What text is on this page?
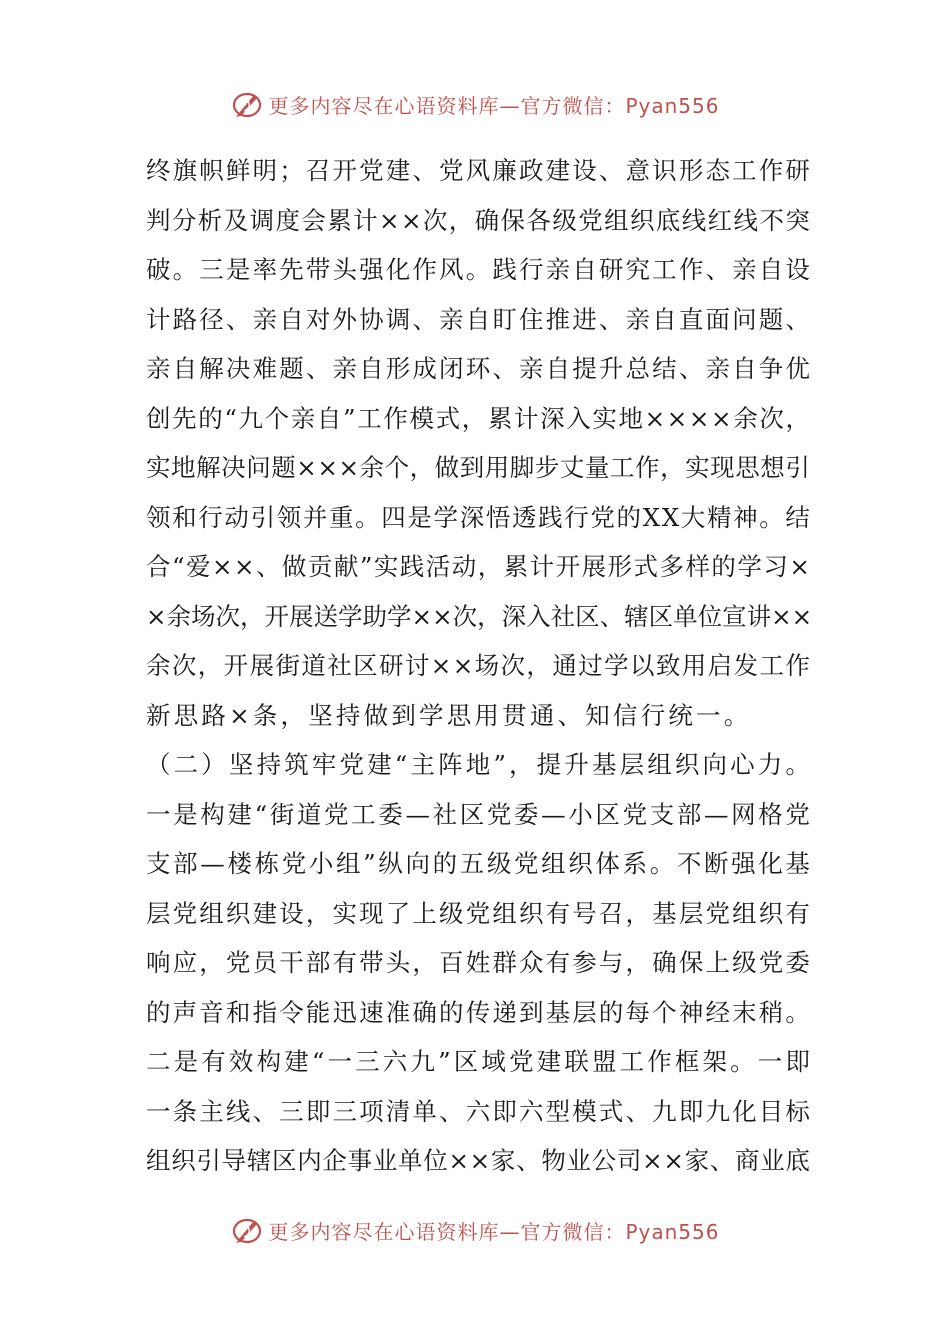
更多内容尽在心语资料库—官方微信：Pyan556
终 旗 帜 鲜 明 ； 召 开 党 建 、 党 风 廉 政 建 设 、 意 识 形 态 工 作 研
判 分 析 及 调 度 会 累 计 × × 次 ， 确 保 各 级 党 组 织 底 线 红 线 不 突
破 。 三 是 率 先 带 头 强 化 作 风 。 践 行 亲 自 研 究 工 作 、 亲 自 设
计 路 径 、 亲 自 对 外 协 调 、 亲 自 盯 住 推 进 、 亲 自 直 面 问 题 、
亲 自 解 决 难 题 、 亲 自 形 成 闭 环 、 亲 自 提 升 总 结 、 亲 自 争 优
创 先 的 “ 九 个 亲 自 ” 工 作 模 式 ， 累 计 深 入 实 地 × × × × 余 次 ，
实 地 解 决 问 题 × × × 余 个 ， 做 到 用 脚 步 丈 量 工 作 ， 实 现 思 想 引
领 和 行 动 引 领 并 重 。 四 是 学 深 悟 透 践 行 党 的 X X 大 精 神 。 结
合 “ 爱 × × 、 做 贡 献 ” 实 践 活 动 ， 累 计 开 展 形 式 多 样 的 学 习 ×
× 余 场 次 ， 开 展 送 学 助 学 × × 次 ， 深 入 社 区 、 辖 区 单 位 宣 讲 × ×
余 次 ， 开 展 街 道 社 区 研 讨 × × 场 次 ， 通 过 学 以 致 用 启 发 工 作
新思路×条，坚持做到学思用贯通、知信行统一。
（ 二 ） 坚 持 筑 牢 党 建 “ 主 阵 地 ” ， 提 升 基 层 组 织 向 心 力 。
一 是 构 建 “ 街 道 党 工 委 — 社 区 党 委 — 小 区 党 支 部 — 网 格 党
支 部 — 楼 栋 党 小 组 ” 纵 向 的 五 级 党 组 织 体 系 。 不 断 强 化 基
层 党 组 织 建 设 ， 实 现 了 上 级 党 组 织 有 号 召 ， 基 层 党 组 织 有
响 应 ， 党 员 干 部 有 带 头 ， 百 姓 群 众 有 参 与 ， 确 保 上 级 党 委
的 声 音 和 指 令 能 迅 速 准 确 的 传 递 到 基 层 的 每 个 神 经 末 稍 。
二 是 有 效 构 建 “ 一 三 六 九 ” 区 域 党 建 联 盟 工 作 框 架 。 一 即
一 条 主 线 、 三 即 三 项 清 单 、 六 即 六 型 模 式 、 九 即 九 化 目 标
组 织 引 导 辖 区 内 企 事 业 单 位 × × 家 、 物 业 公 司 × × 家 、 商 业 底
更多内容尽在心语资料库—官方微信：Pyan556
